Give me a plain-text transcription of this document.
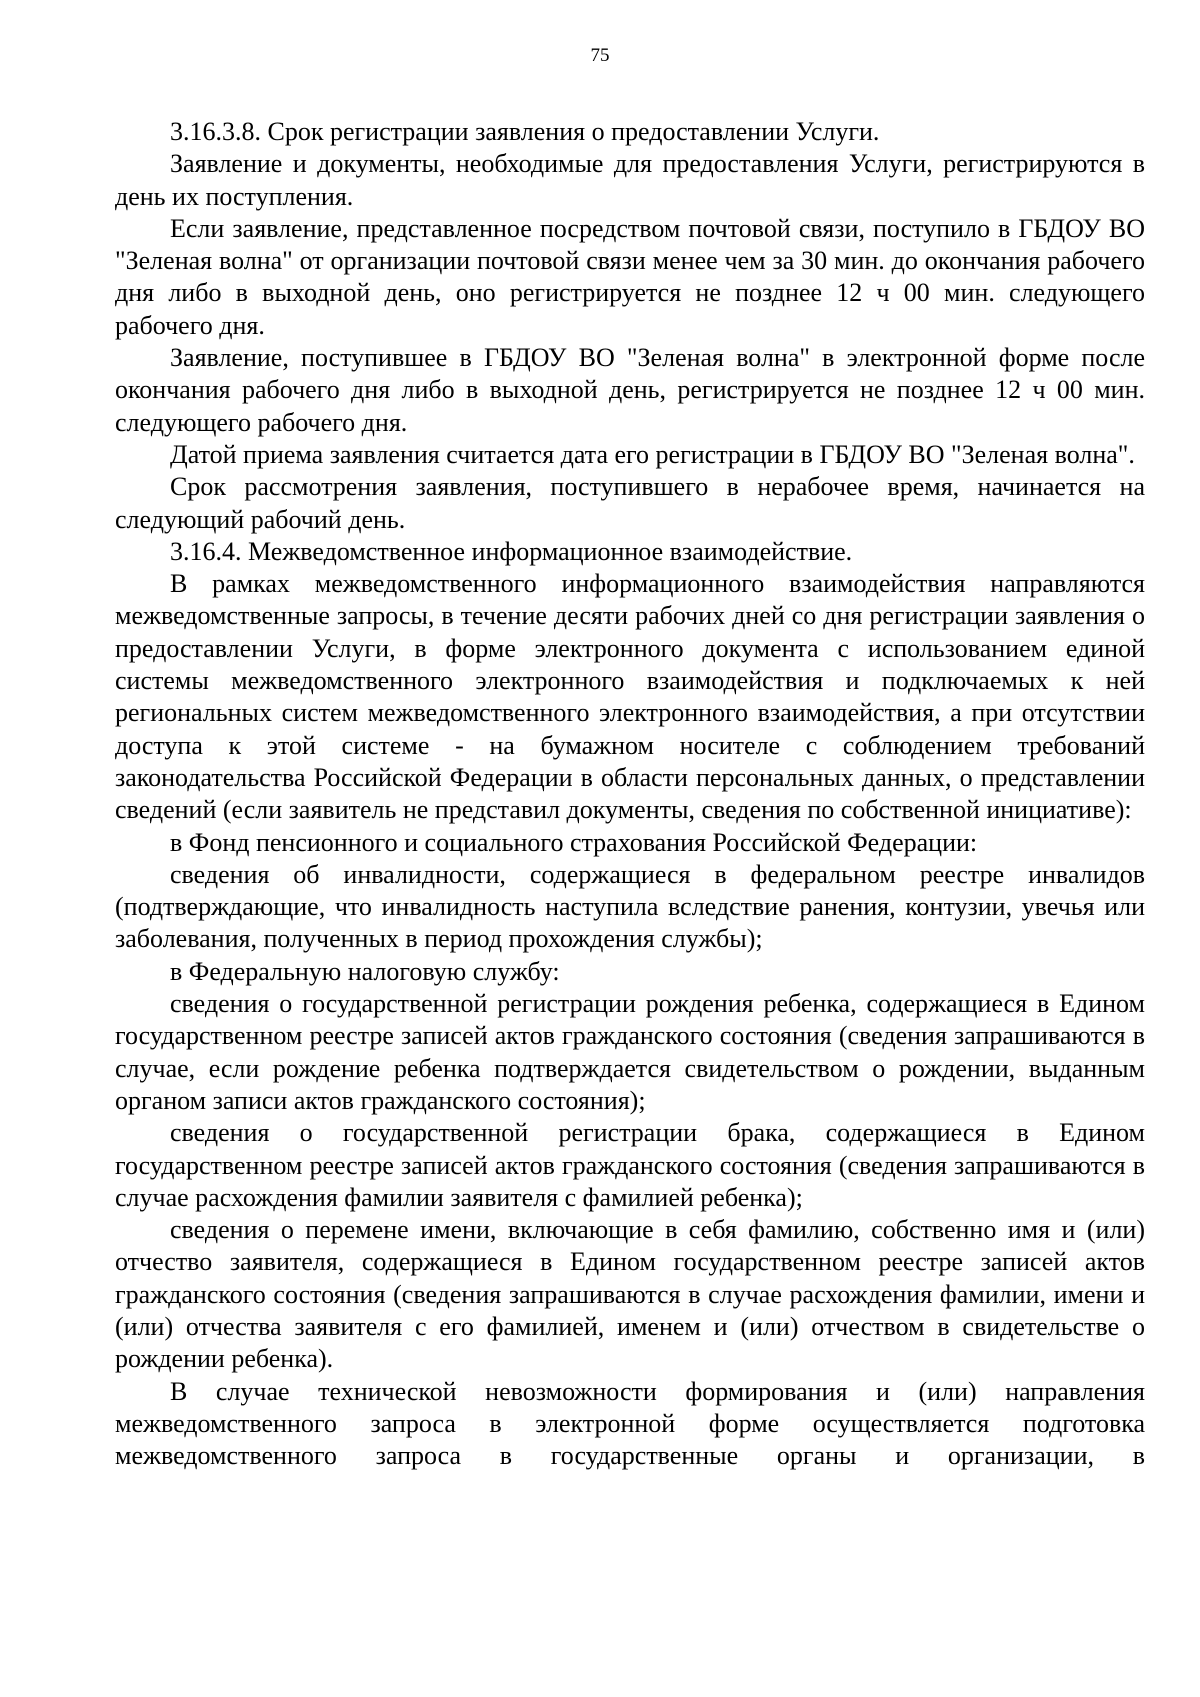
75

3.16.3.8. Срок регистрации заявления о предоставлении Услуги.

Заявление и документы, необходимые для предоставления Услуги, регистрируются в день их поступления.

Если заявление, представленное посредством почтовой связи, поступило в ГБДОУ ВО "Зеленая волна" от организации почтовой связи менее чем за 30 мин. до окончания рабочего дня либо в выходной день, оно регистрируется не позднее 12 ч 00 мин. следующего рабочего дня.

Заявление, поступившее в ГБДОУ ВО "Зеленая волна" в электронной форме после окончания рабочего дня либо в выходной день, регистрируется не позднее 12 ч 00 мин. следующего рабочего дня.

Датой приема заявления считается дата его регистрации в ГБДОУ ВО "Зеленая волна".

Срок рассмотрения заявления, поступившего в нерабочее время, начинается на следующий рабочий день.

3.16.4. Межведомственное информационное взаимодействие.

В рамках межведомственного информационного взаимодействия направляются межведомственные запросы, в течение десяти рабочих дней со дня регистрации заявления о предоставлении Услуги, в форме электронного документа с использованием единой системы межведомственного электронного взаимодействия и подключаемых к ней региональных систем межведомственного электронного взаимодействия, а при отсутствии доступа к этой системе - на бумажном носителе с соблюдением требований законодательства Российской Федерации в области персональных данных, о представлении сведений (если заявитель не представил документы, сведения по собственной инициативе):

в Фонд пенсионного и социального страхования Российской Федерации:

сведения об инвалидности, содержащиеся в федеральном реестре инвалидов (подтверждающие, что инвалидность наступила вследствие ранения, контузии, увечья или заболевания, полученных в период прохождения службы);

в Федеральную налоговую службу:

сведения о государственной регистрации рождения ребенка, содержащиеся в Едином государственном реестре записей актов гражданского состояния (сведения запрашиваются в случае, если рождение ребенка подтверждается свидетельством о рождении, выданным органом записи актов гражданского состояния);

сведения о государственной регистрации брака, содержащиеся в Едином государственном реестре записей актов гражданского состояния (сведения запрашиваются в случае расхождения фамилии заявителя с фамилией ребенка);

сведения о перемене имени, включающие в себя фамилию, собственно имя и (или) отчество заявителя, содержащиеся в Едином государственном реестре записей актов гражданского состояния (сведения запрашиваются в случае расхождения фамилии, имени и (или) отчества заявителя с его фамилией, именем и (или) отчеством в свидетельстве о рождении ребенка).

В случае технической невозможности формирования и (или) направления межведомственного запроса в электронной форме осуществляется подготовка межведомственного запроса в государственные органы и организации, в
